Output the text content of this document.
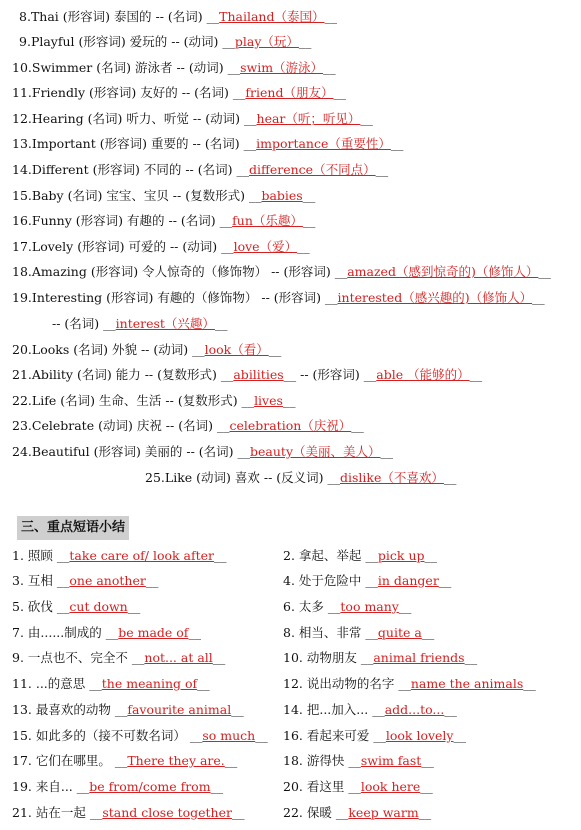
8.Thai (形容词) 泰国的 -- (名词) __Thailand（泰国）__
9.Playful (形容词) 爱玩的 -- (动词) __play（玩）__
10.Swimmer (名词) 游泳者 -- (动词) __swim（游泳）__
11.Friendly (形容词) 友好的 -- (名词) __friend（朋友）__
12.Hearing (名词) 听力、听觉 -- (动词) __hear（听；听见）__
13.Important (形容词) 重要的 -- (名词) __importance（重要性）__
14.Different (形容词) 不同的 -- (名词) __difference（不同点）__
15.Baby (名词) 宝宝、宝贝 -- (复数形式) __babies__
16.Funny (形容词) 有趣的 -- (名词) __fun（乐趣）__
17.Lovely (形容词) 可爱的 -- (动词) __love（爱）__
18.Amazing (形容词) 令人惊奇的（修饰物） -- (形容词) __amazed（感到惊奇的)（修饰人）__
19.Interesting (形容词) 有趣的（修饰物） -- (形容词) __interested（感兴趣的)（修饰人）__
-- (名词) __interest（兴趣）__
20.Looks (名词) 外貌 -- (动词) __look（看）__
21.Ability (名词) 能力 -- (复数形式) __abilities__ -- (形容词) __able （能够的）__
22.Life (名词) 生命、生活 -- (复数形式) __lives__
23.Celebrate (动词) 庆祝 -- (名词) __celebration（庆祝）__
24.Beautiful (形容词) 美丽的 -- (名词) __beauty（美丽、美人）__
25.Like (动词) 喜欢 -- (反义词) __dislike（不喜欢）__
三、重点短语小结
1. 照顾 __take care of/ look after__	2. 拿起、举起 __pick up__
3. 互相 __one another__	4. 处于危险中 __in danger__
5. 砍伐 __cut down__	6. 太多 __too many__
7. 由......制成的 __be made of__	8. 相当、非常 __quite a__
9. 一点也不、完全不 __not... at all__	10. 动物朋友 __animal friends__
11. ...的意思 __the meaning of__	12. 说出动物的名字 __name the animals__
13. 最喜欢的动物 __favourite animal__	14. 把...加入... __add...to...__
15. 如此多的（接不可数名词） __so much__ 16. 看起来可爱 __look lovely__
17. 它们在哪里。 __There they are.__	18. 游得快 __swim fast__
19. 来自... __be from/come from__	20. 看这里 __look here__
21. 站在一起 __stand close together__	22. 保暖 __keep warm__
